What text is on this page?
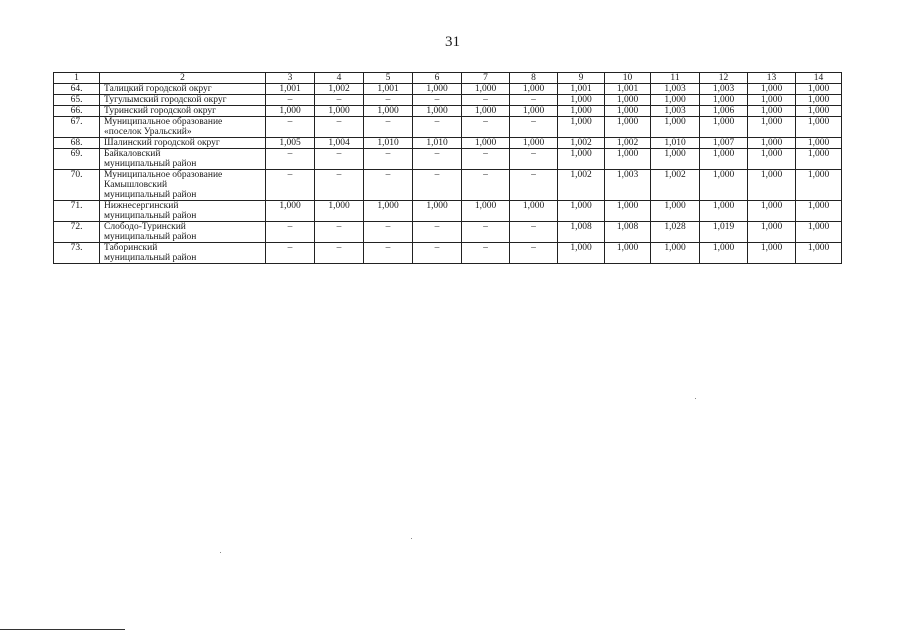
31
1	2	3	4	5	6	7	8	9	10	11	12	13	14
64.	Талицкий городской округ	1,001	1,002	1,001	1,000	1,000	1,000	1,001	1,001	1,003	1,003	1,000	1,000
65.	Тугулымский городской округ	–	–	–	–	–	–	1,000	1,000	1,000	1,000	1,000	1,000
66.	Туринский городской округ	1,000	1,000	1,000	1,000	1,000	1,000	1,000	1,000	1,003	1,006	1,000	1,000
67.	Муниципальное образование
«поселок Уральский»	–	–	–	–	–	–	1,000	1,000	1,000	1,000	1,000	1,000
68.	Шалинский городской округ	1,005	1,004	1,010	1,010	1,000	1,000	1,002	1,002	1,010	1,007	1,000	1,000
69.	Байкаловский
муниципальный район	–	–	–	–	–	–	1,000	1,000	1,000	1,000	1,000	1,000
70.	Муниципальное образование
Камышловский
муниципальный район	–	–	–	–	–	–	1,002	1,003	1,002	1,000	1,000	1,000
71.	Нижнесергинский
муниципальный район	1,000	1,000	1,000	1,000	1,000	1,000	1,000	1,000	1,000	1,000	1,000	1,000
72.	Слободо-Туринский
муниципальный район	–	–	–	–	–	–	1,008	1,008	1,028	1,019	1,000	1,000
73.	Таборинский
муниципальный район	–	–	–	–	–	–	1,000	1,000	1,000	1,000	1,000	1,000
